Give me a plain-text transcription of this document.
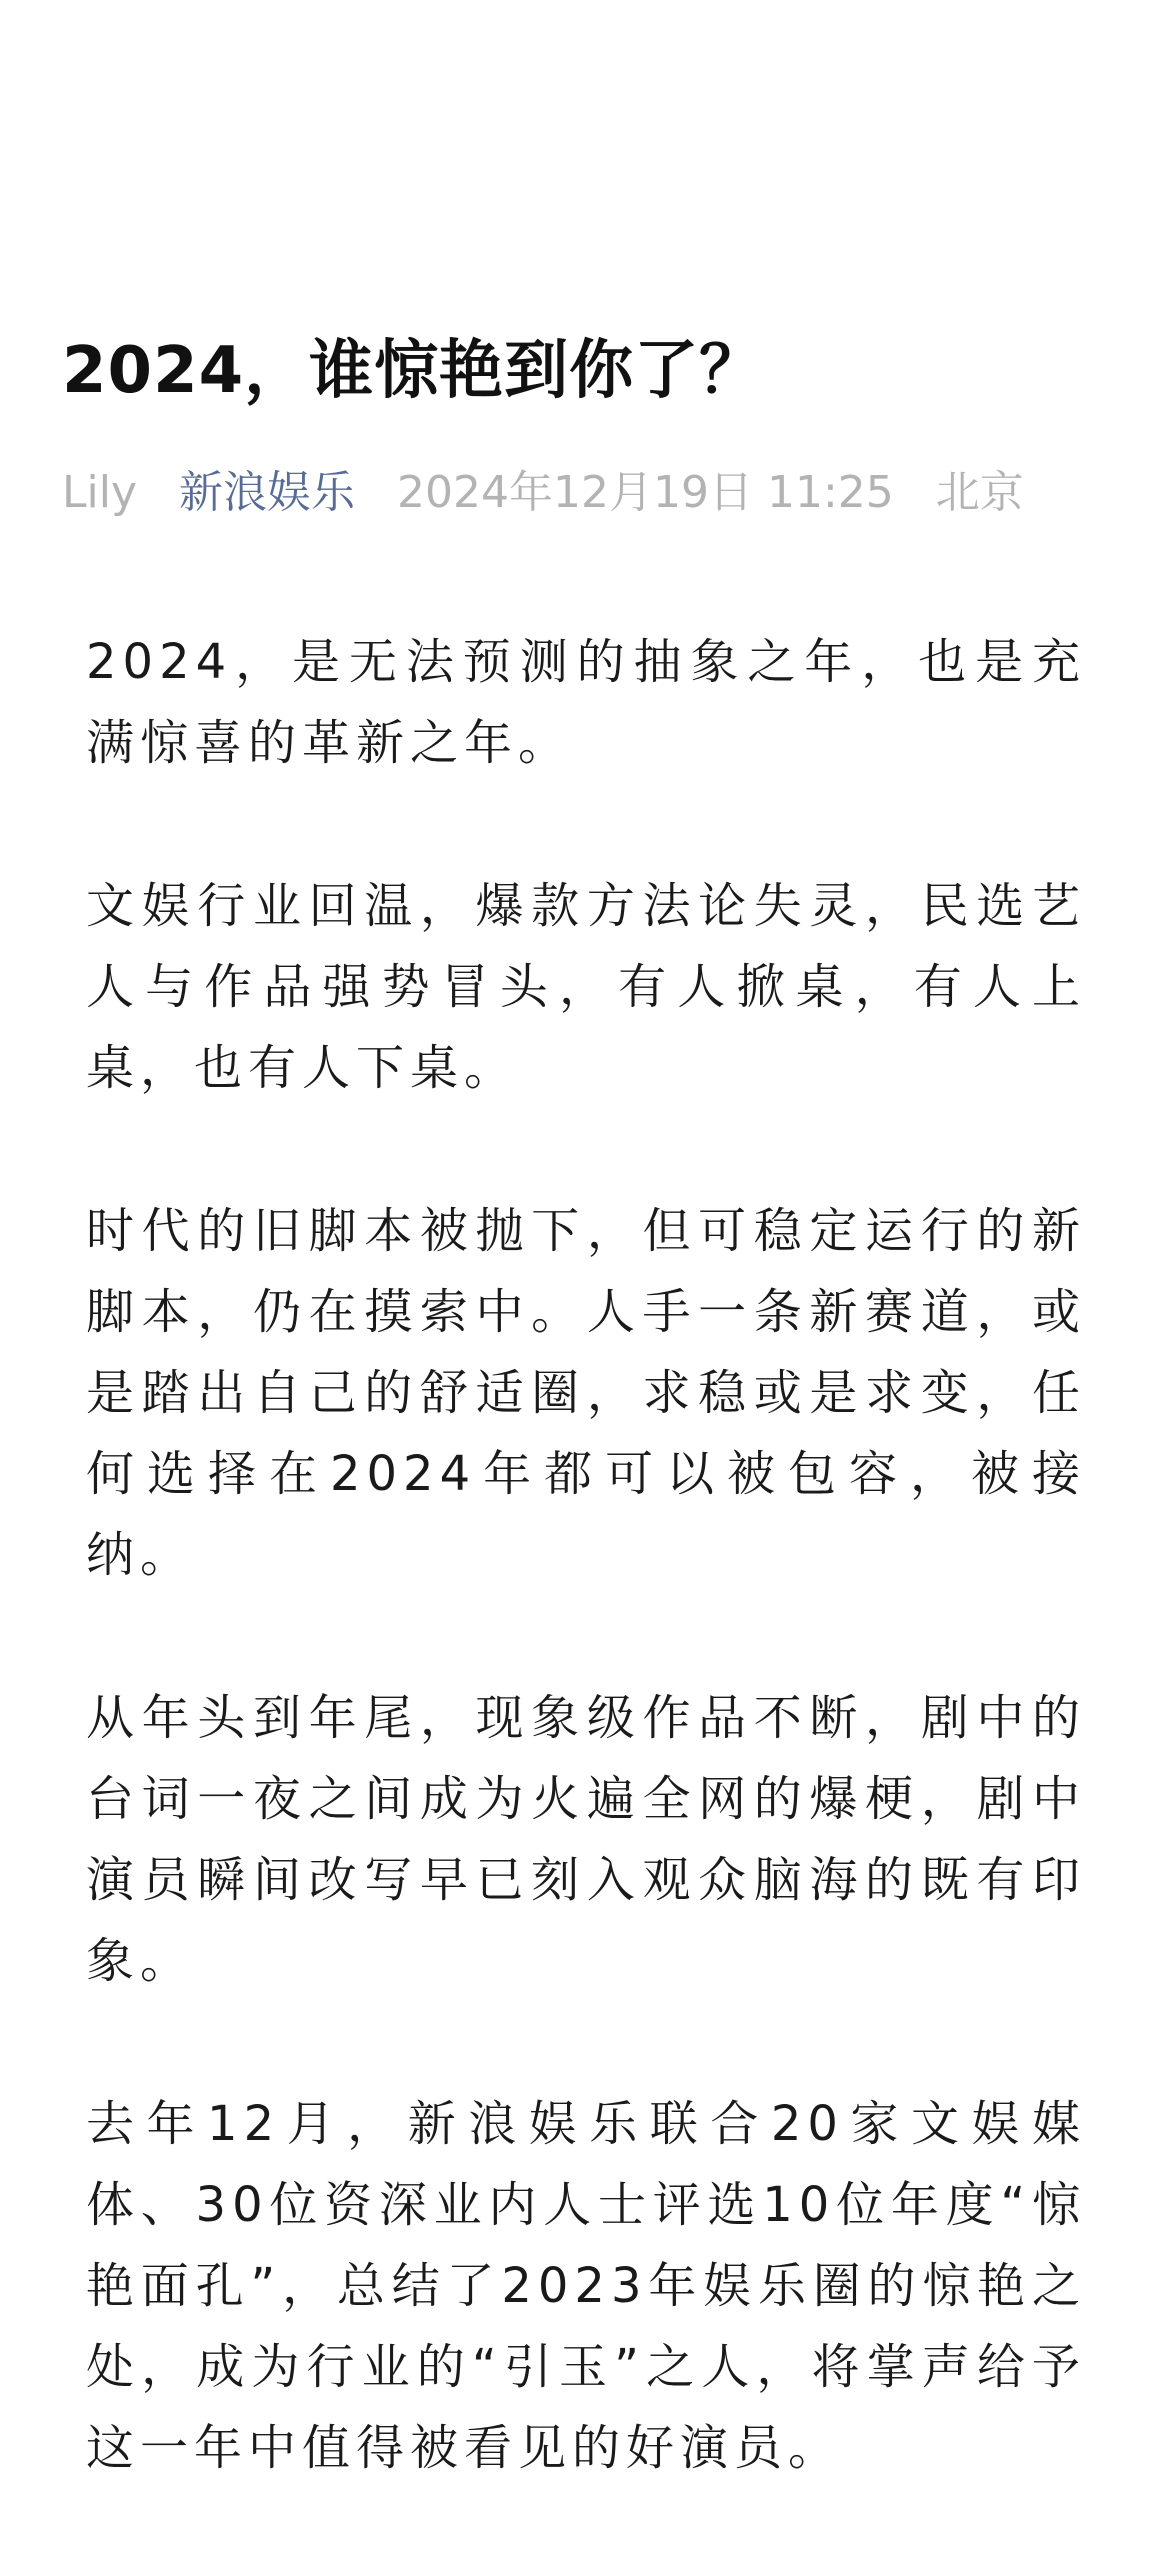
2024，谁惊艳到你了？
Lily 新浪娱乐 2024年12月19日 11:25 北京

2024，是无法预测的抽象之年，也是充满惊喜的革新之年。

文娱行业回温，爆款方法论失灵，民选艺人与作品强势冒头，有人掀桌，有人上桌，也有人下桌。

时代的旧脚本被抛下，但可稳定运行的新脚本，仍在摸索中。人手一条新赛道，或是踏出自己的舒适圈，求稳或是求变，任何选择在2024年都可以被包容，被接纳。

从年头到年尾，现象级作品不断，剧中的台词一夜之间成为火遍全网的爆梗，剧中演员瞬间改写早已刻入观众脑海的既有印象。

去年12月，新浪娱乐联合20家文娱媒体、30位资深业内人士评选10位年度“惊艳面孔”，总结了2023年娱乐圈的惊艳之处，成为行业的“引玉”之人，将掌声给予这一年中值得被看见的好演员。
